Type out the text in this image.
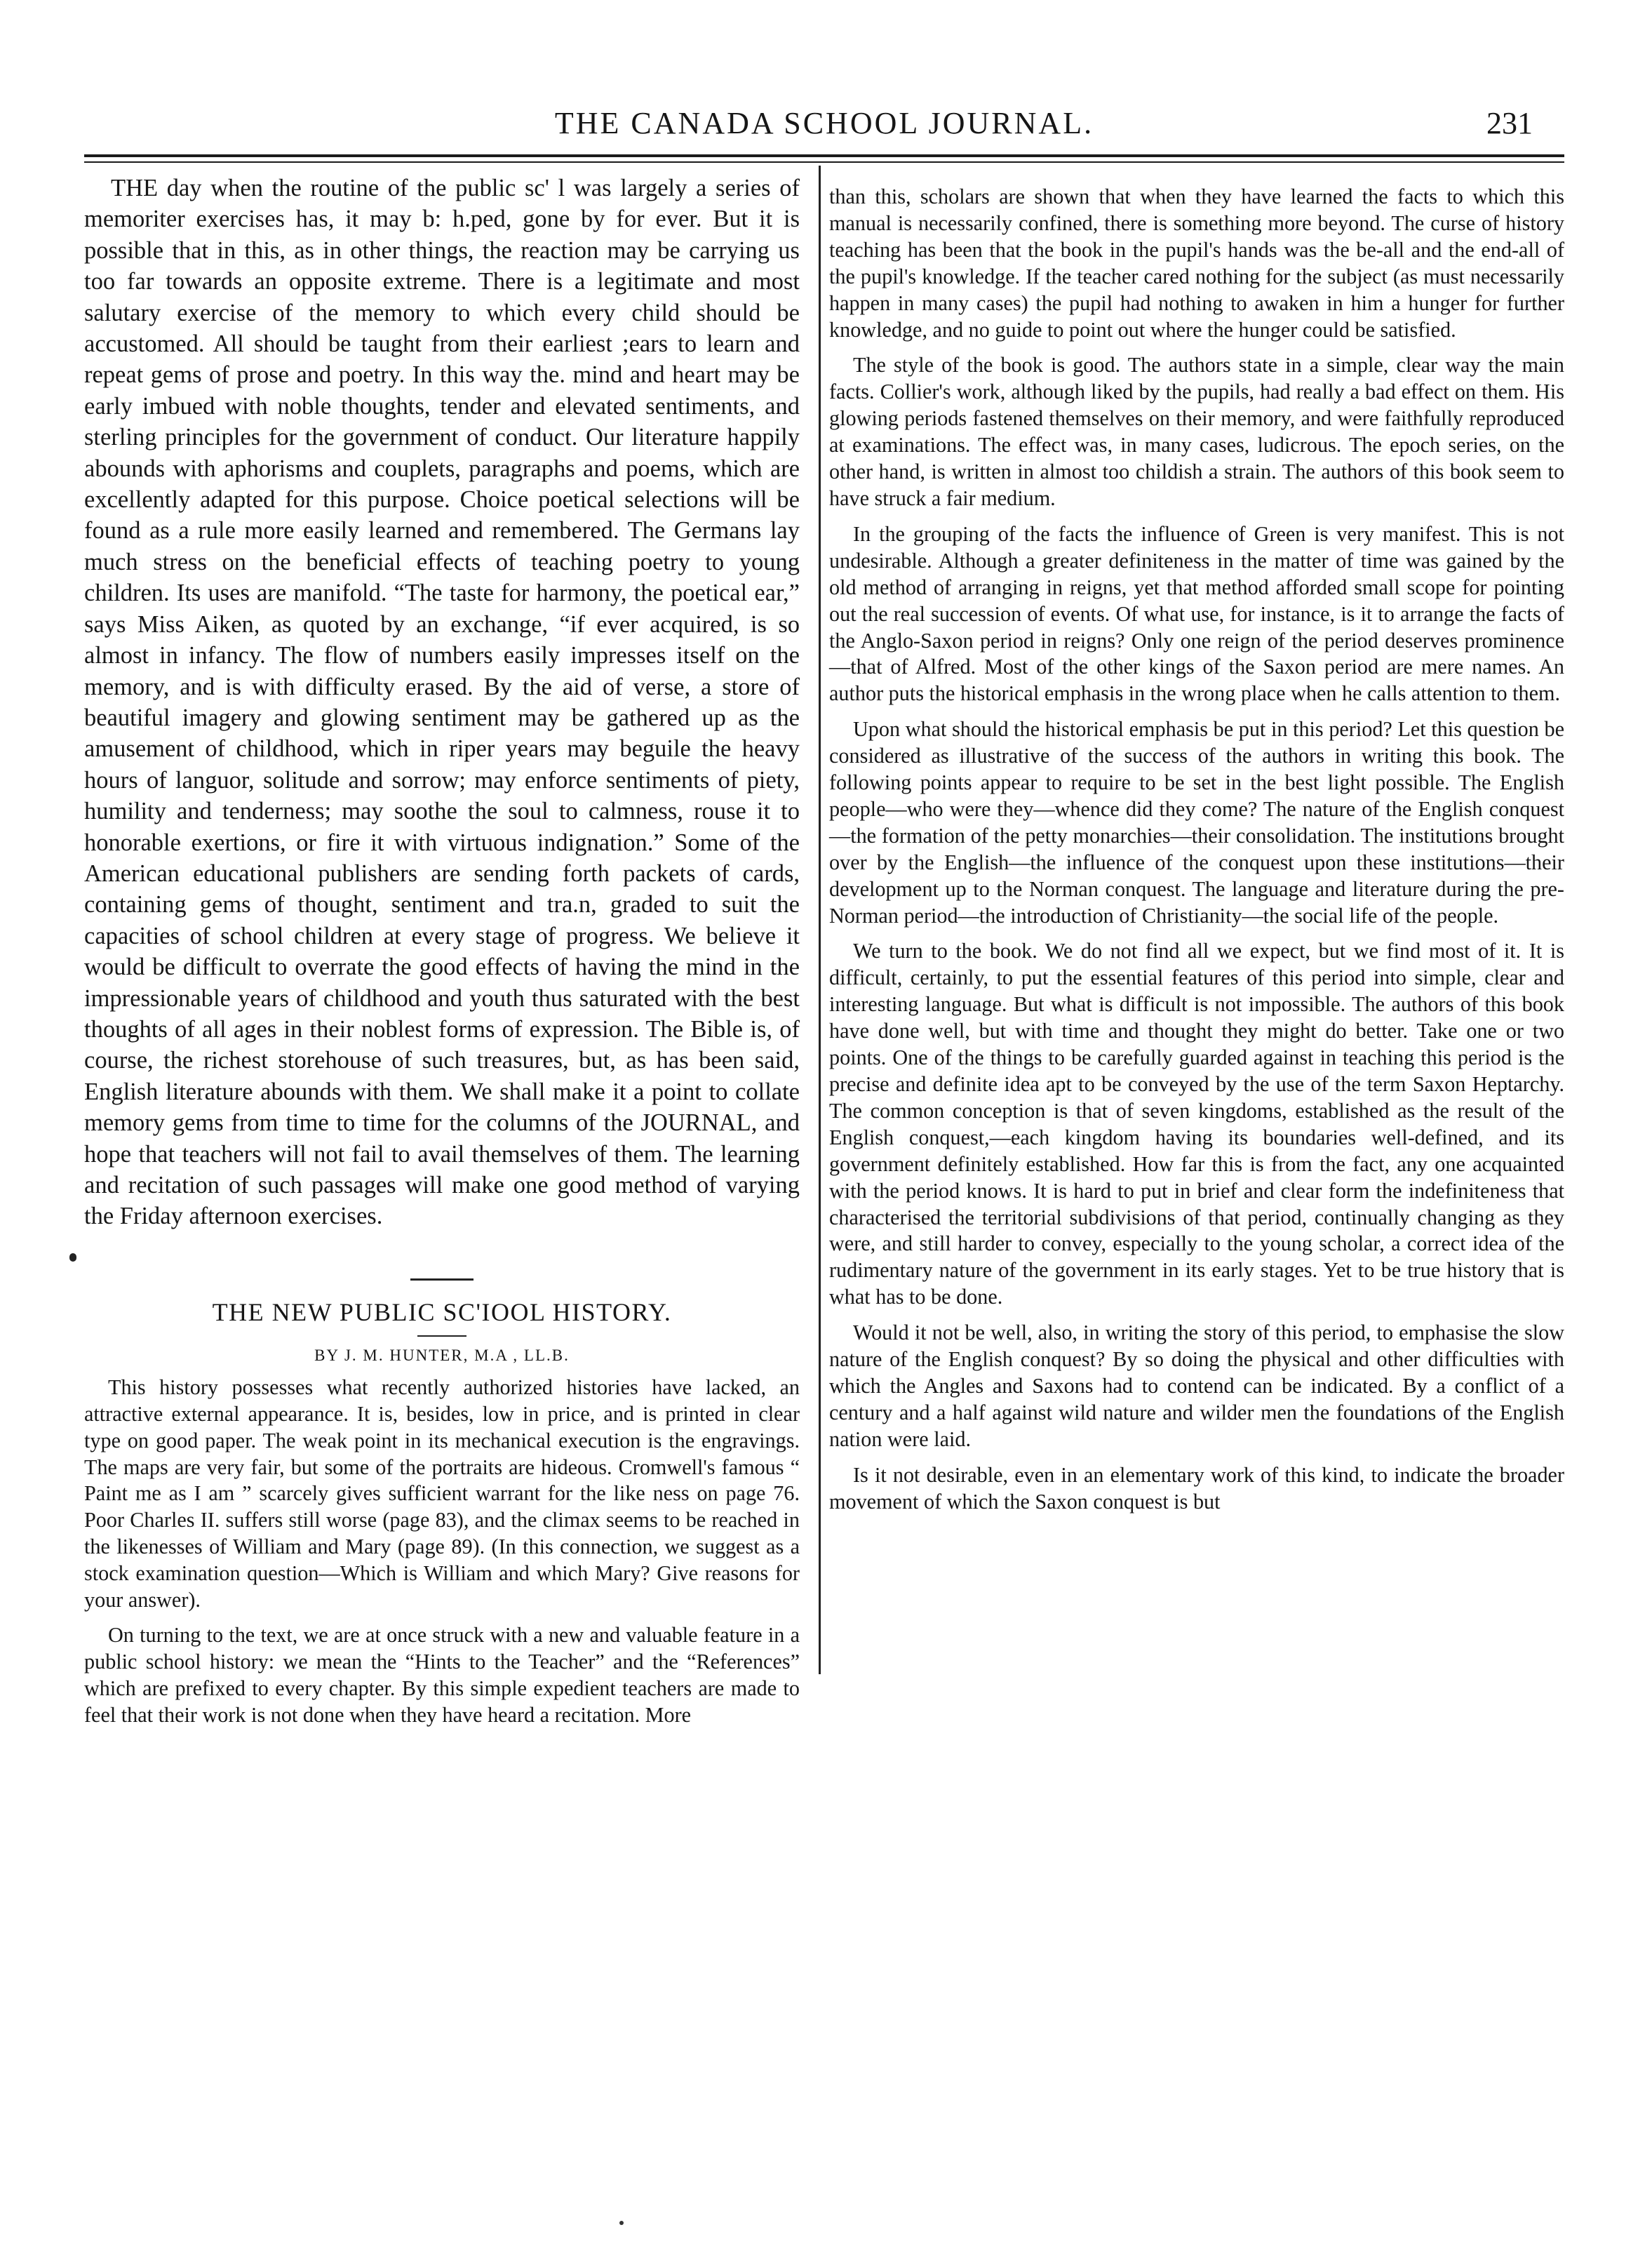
THE CANADA SCHOOL JOURNAL.	231

THE day when the routine of the public sc' l was largely a series of memoriter exercises has, it may b: h.ped, gone by for ever. But it is possible that in this, as in other things, the reaction may be carrying us too far towards an opposite extreme. There is a legitimate and most salutary exercise of the memory to which every child should be accustomed. All should be taught from their earliest ;ears to learn and repeat gems of prose and poetry. In this way the. mind and heart may be early imbued with noble thoughts, tender and elevated sentiments, and sterling principles for the government of conduct. Our literature happily abounds with aphorisms and couplets, paragraphs and poems, which are excellently adapted for this purpose. Choice poetical selections will be found as a rule more easily learned and remembered. The Germans lay much stress on the beneficial effects of teaching poetry to young children. Its uses are manifold. “The taste for harmony, the poetical ear,” says Miss Aiken, as quoted by an exchange, “if ever acquired, is so almost in infancy. The flow of numbers easily impresses itself on the memory, and is with difficulty erased. By the aid of verse, a store of beautiful imagery and glowing sentiment may be gathered up as the amusement of childhood, which in riper years may beguile the heavy hours of languor, solitude and sorrow; may enforce sentiments of piety, humility and tenderness; may soothe the soul to calmness, rouse it to honorable exertions, or fire it with virtuous indignation.” Some of the American educational publishers are sending forth packets of cards, containing gems of thought, sentiment and tra.n, graded to suit the capacities of school children at every stage of progress. We believe it would be difficult to overrate the good effects of having the mind in the impressionable years of childhood and youth thus saturated with the best thoughts of all ages in their noblest forms of expression. The Bible is, of course, the richest storehouse of such treasures, but, as has been said, English literature abounds with them. We shall make it a point to collate memory gems from time to time for the columns of the JOURNAL, and hope that teachers will not fail to avail themselves of them. The learning and recitation of such passages will make one good method of varying the Friday afternoon exercises.

THE NEW PUBLIC SC'IOOL HISTORY.

BY J. M. HUNTER, M.A , LL.B.

This history possesses what recently authorized histories have lacked, an attractive external appearance. It is, besides, low in price, and is printed in clear type on good paper. The weak point in its mechanical execution is the engravings. The maps are very fair, but some of the portraits are hideous. Cromwell's famous “ Paint me as I am ” scarcely gives sufficient warrant for the like ness on page 76. Poor Charles II. suffers still worse (page 83), and the climax seems to be reached in the likenesses of William and Mary (page 89). (In this connection, we suggest as a stock examination question—Which is William and which Mary? Give reasons for your answer).

On turning to the text, we are at once struck with a new and valuable feature in a public school history: we mean the “Hints to the Teacher” and the “References” which are prefixed to every chapter. By this simple expedient teachers are made to feel that their work is not done when they have heard a recitation. More

than this, scholars are shown that when they have learned the facts to which this manual is necessarily confined, there is something more beyond. The curse of history teaching has been that the book in the pupil's hands was the be-all and the end-all of the pupil's knowledge. If the teacher cared nothing for the subject (as must necessarily happen in many cases) the pupil had nothing to awaken in him a hunger for further knowledge, and no guide to point out where the hunger could be satisfied.

The style of the book is good. The authors state in a simple, clear way the main facts. Collier's work, although liked by the pupils, had really a bad effect on them. His glowing periods fastened themselves on their memory, and were faithfully reproduced at examinations. The effect was, in many cases, ludicrous. The epoch series, on the other hand, is written in almost too childish a strain. The authors of this book seem to have struck a fair medium.

In the grouping of the facts the influence of Green is very manifest. This is not undesirable. Although a greater definiteness in the matter of time was gained by the old method of arranging in reigns, yet that method afforded small scope for pointing out the real succession of events. Of what use, for instance, is it to arrange the facts of the Anglo-Saxon period in reigns? Only one reign of the period deserves prominence—that of Alfred. Most of the other kings of the Saxon period are mere names. An author puts the historical emphasis in the wrong place when he calls attention to them.

Upon what should the historical emphasis be put in this period? Let this question be considered as illustrative of the success of the authors in writing this book. The following points appear to require to be set in the best light possible. The English people—who were they—whence did they come? The nature of the English conquest—the formation of the petty monarchies—their consolidation. The institutions brought over by the English—the influence of the conquest upon these institutions—their development up to the Norman conquest. The language and literature during the pre-Norman period—the introduction of Christianity—the social life of the people.

We turn to the book. We do not find all we expect, but we find most of it. It is difficult, certainly, to put the essential features of this period into simple, clear and interesting language. But what is difficult is not impossible. The authors of this book have done well, but with time and thought they might do better. Take one or two points. One of the things to be carefully guarded against in teaching this period is the precise and definite idea apt to be conveyed by the use of the term Saxon Heptarchy. The common conception is that of seven kingdoms, established as the result of the English conquest,—each kingdom having its boundaries well-defined, and its government definitely established. How far this is from the fact, any one acquainted with the period knows. It is hard to put in brief and clear form the indefiniteness that characterised the territorial subdivisions of that period, continually changing as they were, and still harder to convey, especially to the young scholar, a correct idea of the rudimentary nature of the government in its early stages. Yet to be true history that is what has to be done.

Would it not be well, also, in writing the story of this period, to emphasise the slow nature of the English conquest? By so doing the physical and other difficulties with which the Angles and Saxons had to contend can be indicated. By a conflict of a century and a half against wild nature and wilder men the foundations of the English nation were laid.

Is it not desirable, even in an elementary work of this kind, to indicate the broader movement of which the Saxon conquest is but
